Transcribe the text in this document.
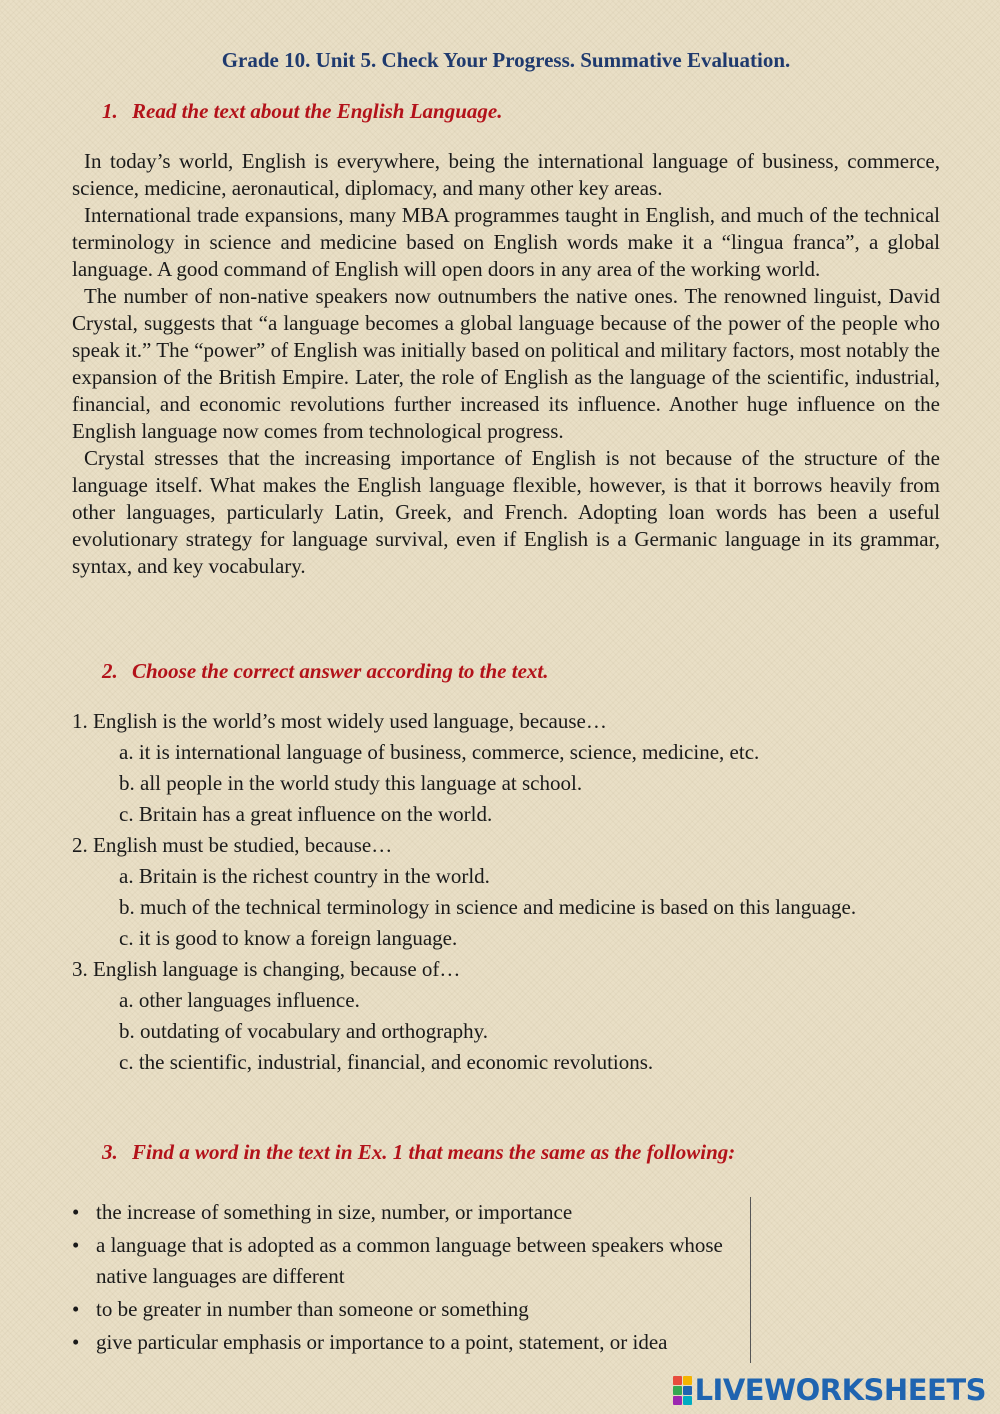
Grade 10. Unit 5. Check Your Progress. Summative Evaluation.
1. Read the text about the English Language.

In today’s world, English is everywhere, being the international language of business, commerce, science, medicine, aeronautical, diplomacy, and many other key areas.

International trade expansions, many MBA programmes taught in English, and much of the technical terminology in science and medicine based on English words make it a “lingua franca”, a global language. A good command of English will open doors in any area of the working world.

The number of non-native speakers now outnumbers the native ones. The renowned linguist, David Crystal, suggests that “a language becomes a global language because of the power of the people who speak it.” The “power” of English was initially based on political and military factors, most notably the expansion of the British Empire. Later, the role of English as the language of the scientific, industrial, financial, and economic revolutions further increased its influence. Another huge influence on the English language now comes from technological progress.

Crystal stresses that the increasing importance of English is not because of the structure of the language itself. What makes the English language flexible, however, is that it borrows heavily from other languages, particularly Latin, Greek, and French. Adopting loan words has been a useful evolutionary strategy for language survival, even if English is a Germanic language in its grammar, syntax, and key vocabulary.

2. Choose the correct answer according to the text.

1. English is the world’s most widely used language, because…

a. it is international language of business, commerce, science, medicine, etc.

b. all people in the world study this language at school.

c. Britain has a great influence on the world.

2. English must be studied, because…

a. Britain is the richest country in the world.

b. much of the technical terminology in science and medicine is based on this language.

c. it is good to know a foreign language.

3. English language is changing, because of…

a. other languages influence.

b. outdating of vocabulary and orthography.

c. the scientific, industrial, financial, and economic revolutions.

3. Find a word in the text in Ex. 1 that means the same as the following:

• the increase of something in size, number, or importance

• a language that is adopted as a common language between speakers whose native languages are different

• to be greater in number than someone or something

• give particular emphasis or importance to a point, statement, or idea

LIVEWORKSHEETS
